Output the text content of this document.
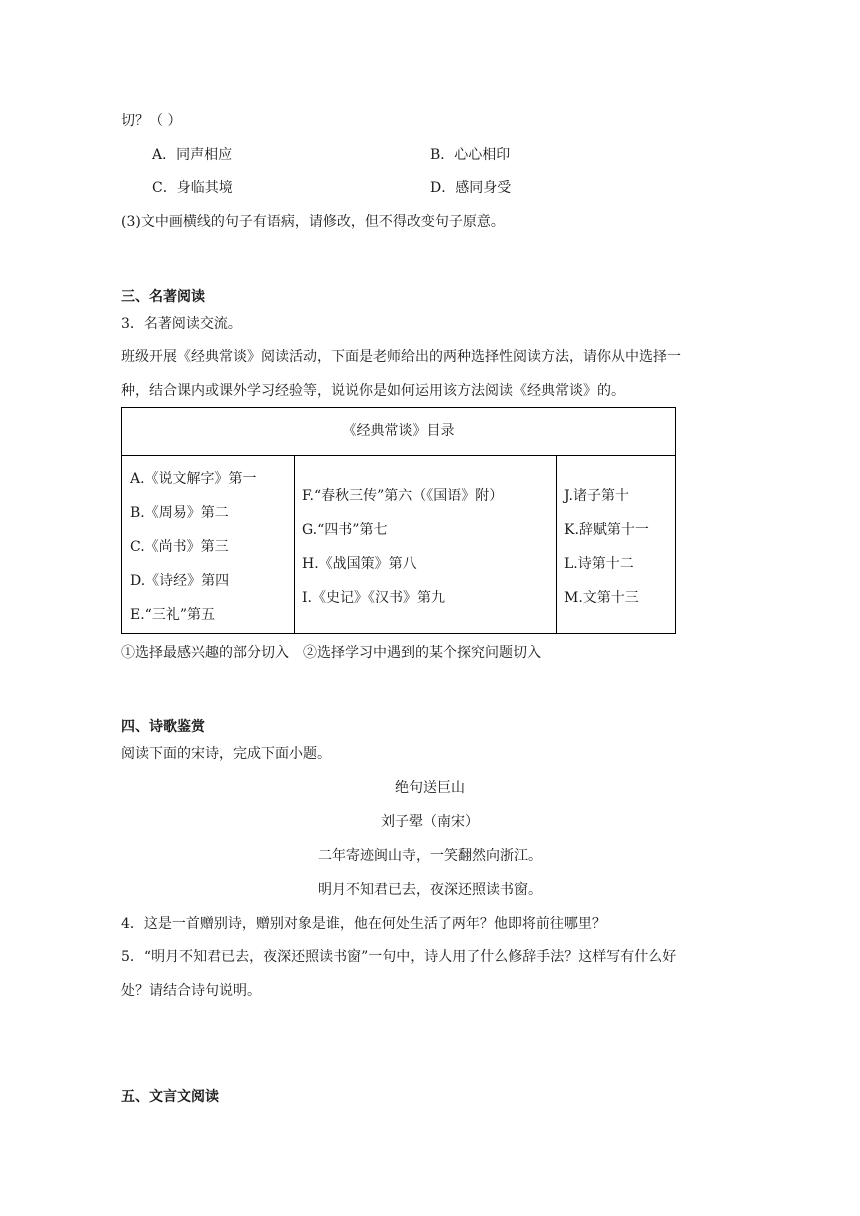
切？（ ）
A．同声相应	B．心心相印
C．身临其境	D．感同身受
(3)文中画横线的句子有语病，请修改，但不得改变句子原意。
三、名著阅读
3．名著阅读交流。
班级开展《经典常谈》阅读活动，下面是老师给出的两种选择性阅读方法，请你从中选择一
种，结合课内或课外学习经验等，说说你是如何运用该方法阅读《经典常谈》的。
《经典常谈》目录
A.《说文解字》第一
B.《周易》第二
C.《尚书》第三
D.《诗经》第四
E.“三礼”第五
F.“春秋三传”第六（《国语》附）
G.“四书”第七
H.《战国策》第八
I.《史记》《汉书》第九
J.诸子第十
K.辞赋第十一
L.诗第十二
M.文第十三
①选择最感兴趣的部分切入　②选择学习中遇到的某个探究问题切入
四、诗歌鉴赏
阅读下面的宋诗，完成下面小题。
绝句送巨山
刘子翚（南宋）
二年寄迹闽山寺，一笑翻然向浙江。
明月不知君已去，夜深还照读书窗。
4．这是一首赠别诗，赠别对象是谁，他在何处生活了两年？他即将前往哪里？
5．“明月不知君已去，夜深还照读书窗”一句中，诗人用了什么修辞手法？这样写有什么好
处？请结合诗句说明。
五、文言文阅读
